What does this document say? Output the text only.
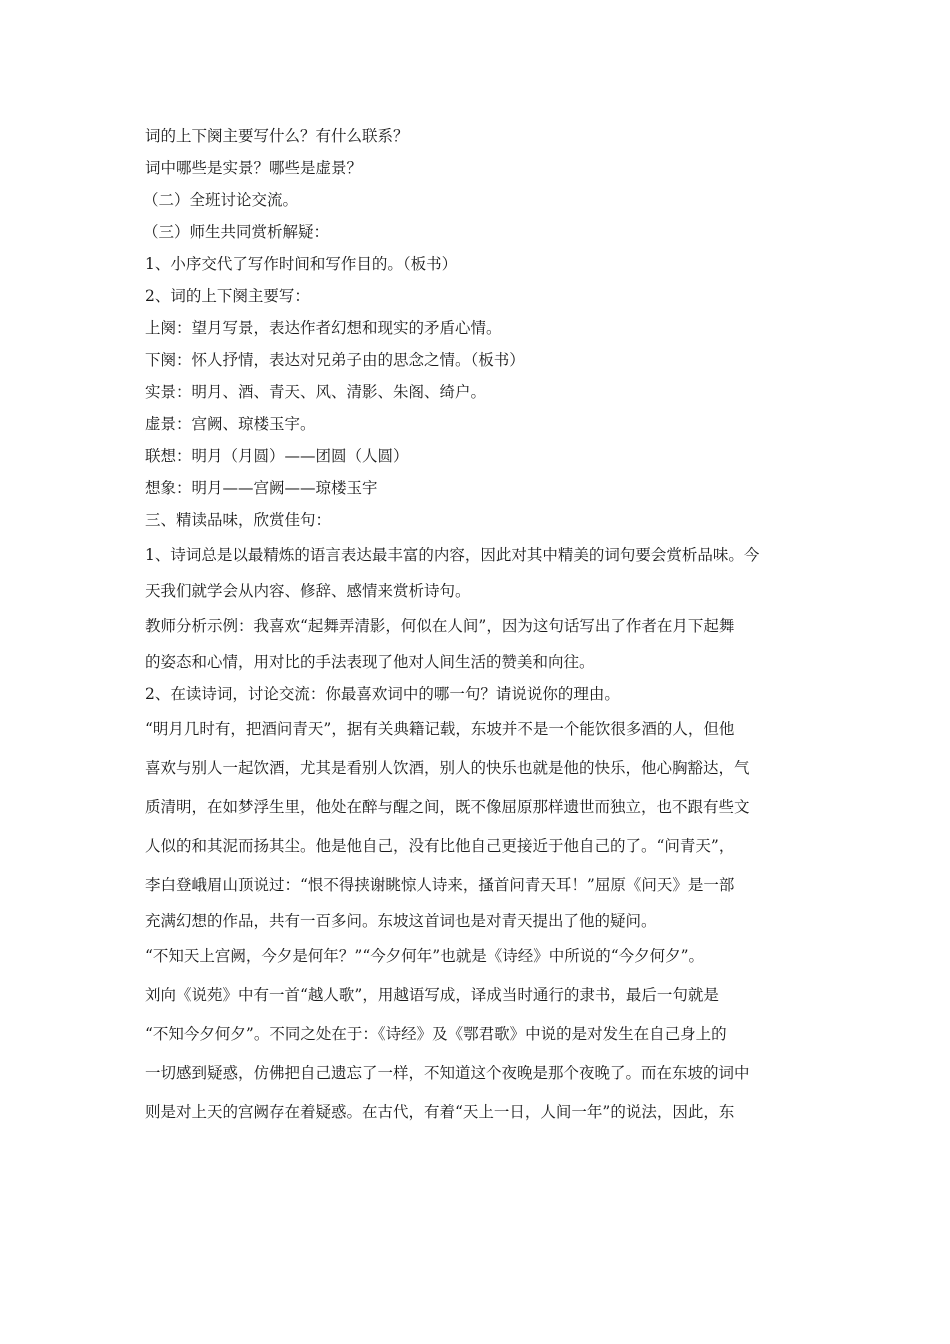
词的上下阕主要写什么？有什么联系？
词中哪些是实景？哪些是虚景？
（二）全班讨论交流。
（三）师生共同赏析解疑：
1、小序交代了写作时间和写作目的。（板书）
2、词的上下阕主要写：
上阕：望月写景，表达作者幻想和现实的矛盾心情。
下阕：怀人抒情，表达对兄弟子由的思念之情。（板书）
实景：明月、酒、青天、风、清影、朱阁、绮户。
虚景：宫阙、琼楼玉宇。
联想：明月（月圆）——团圆（人圆）
想象：明月——宫阙——琼楼玉宇
三、精读品味，欣赏佳句：
1、诗词总是以最精炼的语言表达最丰富的内容，因此对其中精美的词句要会赏析品味。今
天我们就学会从内容、修辞、感情来赏析诗句。
教师分析示例：我喜欢“起舞弄清影，何似在人间”，因为这句话写出了作者在月下起舞
的姿态和心情，用对比的手法表现了他对人间生活的赞美和向往。
2、在读诗词，讨论交流：你最喜欢词中的哪一句？请说说你的理由。
“明月几时有，把酒问青天”，据有关典籍记载，东坡并不是一个能饮很多酒的人，但他
喜欢与别人一起饮酒，尤其是看别人饮酒，别人的快乐也就是他的快乐，他心胸豁达，气
质清明，在如梦浮生里，他处在醉与醒之间，既不像屈原那样遗世而独立，也不跟有些文
人似的和其泥而扬其尘。他是他自己，没有比他自己更接近于他自己的了。“问青天”，
李白登峨眉山顶说过：“恨不得挟谢眺惊人诗来，搔首问青天耳！”屈原《问天》是一部
充满幻想的作品，共有一百多问。东坡这首词也是对青天提出了他的疑问。
“不知天上宫阙，今夕是何年？”“今夕何年”也就是《诗经》中所说的“今夕何夕”。
刘向《说苑》中有一首“越人歌”，用越语写成，译成当时通行的隶书，最后一句就是
“不知今夕何夕”。不同之处在于：《诗经》及《鄂君歌》中说的是对发生在自己身上的
一切感到疑惑，仿佛把自己遗忘了一样，不知道这个夜晚是那个夜晚了。而在东坡的词中
则是对上天的宫阙存在着疑惑。在古代，有着“天上一日，人间一年”的说法，因此，东
